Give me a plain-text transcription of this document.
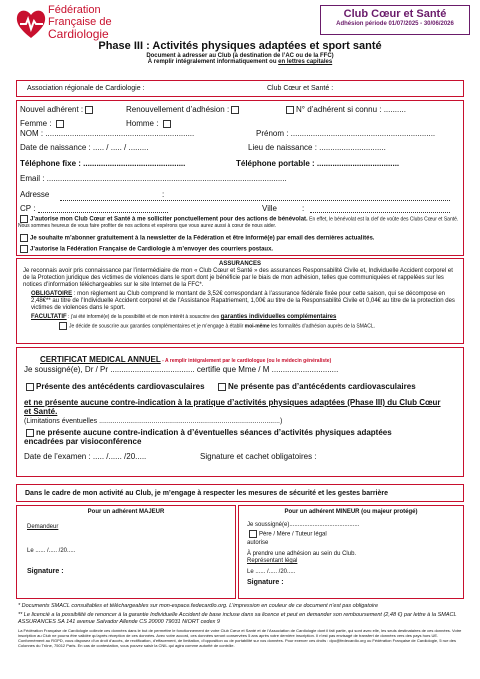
Fédération
Française de
Cardiologie
Club Cœur et Santé
Adhésion période 01/07/2025 - 30/06/2026
Phase III : Activités physiques adaptées et sport santé
Document à adresser au Club (à destination de l’AC ou de la FFC)
À remplir intégralement informatiquement ou en lettres capitales
Association régionale de Cardiologie :	Club Cœur et Santé :
Nouvel adhérent :	Renouvellement d’adhésion :	N° d’adhérent si connu : ..........
Femme :	Homme :
NOM : ...................................................................	Prénom : .................................................................
Date de naissance : ..... / ..... / .........	Lieu de naissance : ..............................
Téléphone fixe : ..............................................	Téléphone portable : .....................................
Email : ............................................................................................................
Adresse	:
CP :	Ville	:
J’autorise mon Club Cœur et Santé à me solliciter ponctuellement pour des actions de bénévolat. En effet, le bénévolat est la clef de voûte des Clubs Cœur et Santé. Nous sommes heureux de vous faire profiter de nos actions et espérons que vous aurez aussi à cœur de nous aider.
Je souhaite m’abonner gratuitement à la newsletter de la Fédération et être informé(e) par email des dernières actualités.
J’autorise la Fédération Française de Cardiologie à m’envoyer des courriers postaux.
ASSURANCES
Je reconnais avoir pris connaissance par l’intermédiaire de mon « Club Cœur et Santé » des assurances Responsabilité Civile et, Individuelle Accident corporel et de la Protection juridique des victimes de violences dans le sport dont je bénéficie par le biais de mon adhésion, telles que communiquées et rappelées sur les notices d’information téléchargeables sur le site Internet de la FFC*.
OBLIGATOIRE : mon règlement au Club comprend le montant de 3,52€ correspondant à l’assurance fédérale fixée pour cette saison, qui se décompose en 2,48€** au titre de l’Individuelle Accident corporel et de l’Assistance Rapatriement, 1,00€ au titre de la Responsabilité Civile et 0,04€ au titre de la protection des victimes de violences dans le sport.
FACULTATIF : j’ai été informé(e) de la possibilité et de mon intérêt à souscrire des garanties individuelles complémentaires
Je décide de souscrire aux garanties complémentaires et je m’engage à établir moi-même les formalités d’adhésion auprès de la SMACL.
CERTIFICAT MEDICAL ANNUEL - A remplir intégralement par le cardiologue (ou le médecin généraliste)
Je soussigné(e), Dr / Pr ...................................... certifie que Mme / M ..............................
Présente des antécédents cardiovasculaires	Ne présente pas d’antécédents cardiovasculaires
et ne présente aucune contre-indication à la pratique d’activités physiques adaptées (Phase III) du Club Cœur et Santé.
(Limitations éventuelles .............................................................................................)
ne présente aucune contre-indication à d’éventuelles séances d’activités physiques adaptées encadrées par visioconférence
Date de l’examen : ..... /...... /20.....	Signature et cachet obligatoires :
Dans le cadre de mon activité au Club, je m’engage à respecter les mesures de sécurité et les gestes barrière
Pour un adhérent MAJEUR
Demandeur
Le ...... /..... /20.....
Signature :
Pour un adhérent MINEUR (ou majeur protégé)
Je soussigné(e)..........................................
Père / Mère / Tuteur légal
autorise
À prendre une adhésion au sein du Club.
Représentant légal
Le ...... /..... /20.....
Signature :
* Documents SMACL consultables et téléchargeables sur mon-espace.fedecardio.org. L’impression en couleur de ce document n’est pas obligatoire
** Le licencié a la possibilité de renoncer à la garantie Individuelle Accident de base incluse dans sa licence et peut en demander son remboursement (2,48 €) par lettre à la SMACL ASSURANCES SA 141 avenue Salvador Allende CS 20000 79031 NIORT cedex 9
La Fédération Française de Cardiologie collecte ces données dans le but de permettre le fonctionnement de votre Club Cœur et Santé et de l’Association de Cardiologie dont il fait partie, qui sont avec elle, les seuls destinataires de ces données. Votre inscription au Club ne pourra être validée qu’après réception de ces données. Avec votre accord, ces données seront conservées 5 ans après votre dernière inscription. Il n’est pas envisagé de transfert de données vers des pays hors UE. Conformément au RGPD, vous disposez d’un droit d’accès, de rectification, d’effacement, de limitation, d’opposition ou de portabilité sur vos données. Pour exercer ces droits : dpo@fedecardio.org ou Fédération Française de Cardiologie, 5 rue des Colonnes du Trône, 75012 Paris. En cas de contestation, vous pouvez saisir la CNIL qui agira comme autorité de contrôle.
